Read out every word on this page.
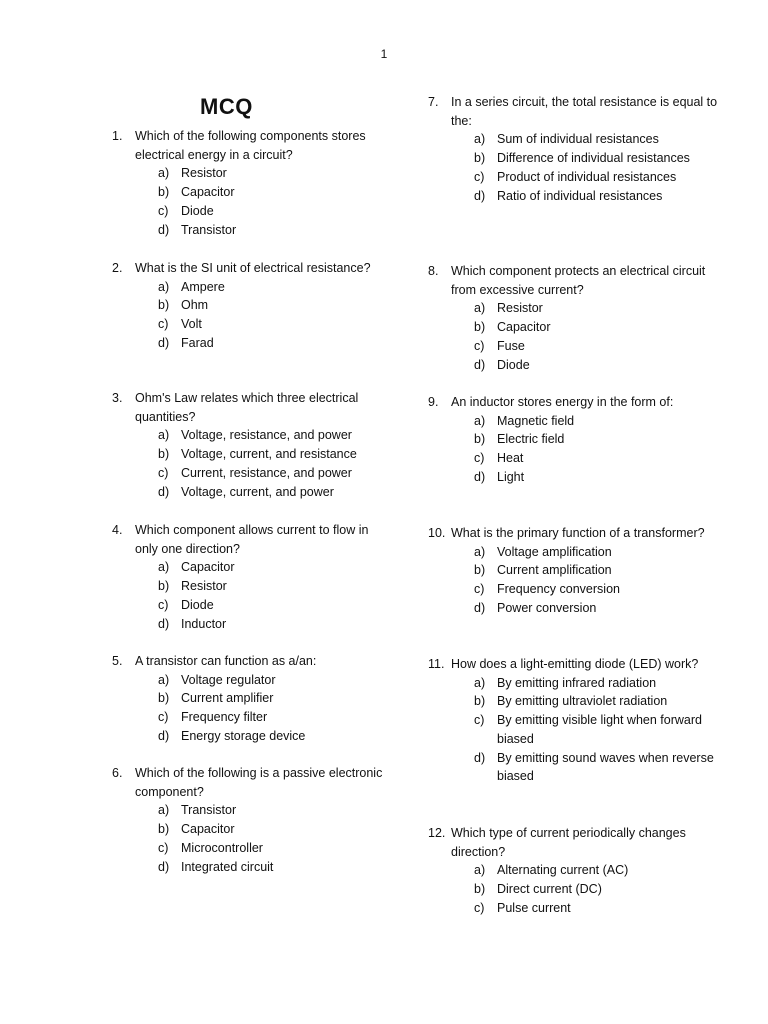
1
MCQ
1.	Which of the following components stores electrical energy in a circuit?
a) Resistor
b) Capacitor
c)	Diode
d) Transistor
2.	What is the SI unit of electrical resistance?
a) Ampere
b) Ohm
c)	Volt
d) Farad
3.	Ohm's Law relates which three electrical quantities?
a) Voltage, resistance, and power
b) Voltage, current, and resistance
c)	Current, resistance, and power
d) Voltage, current, and power
4.	Which component allows current to flow in only one direction?
a) Capacitor
b) Resistor
c)	Diode
d) Inductor
5.	A transistor can function as a/an:
a) Voltage regulator
b) Current amplifier
c)	Frequency filter
d) Energy storage device
6.	Which of the following is a passive electronic component?
a) Transistor
b) Capacitor
c)	Microcontroller
d) Integrated circuit
7.	In a series circuit, the total resistance is equal to the:
a) Sum of individual resistances
b) Difference of individual resistances
c)	Product of individual resistances
d) Ratio of individual resistances
8.	Which component protects an electrical circuit from excessive current?
a) Resistor
b) Capacitor
c)	Fuse
d) Diode
9.	An inductor stores energy in the form of:
a) Magnetic field
b) Electric field
c)	Heat
d) Light
10. What is the primary function of a transformer?
a) Voltage amplification
b) Current amplification
c)	Frequency conversion
d) Power conversion
11. How does a light-emitting diode (LED) work?
a) By emitting infrared radiation
b) By emitting ultraviolet radiation
c)	By emitting visible light when forward biased
d) By emitting sound waves when reverse biased
12. Which type of current periodically changes direction?
a) Alternating current (AC)
b) Direct current (DC)
c)	Pulse current
